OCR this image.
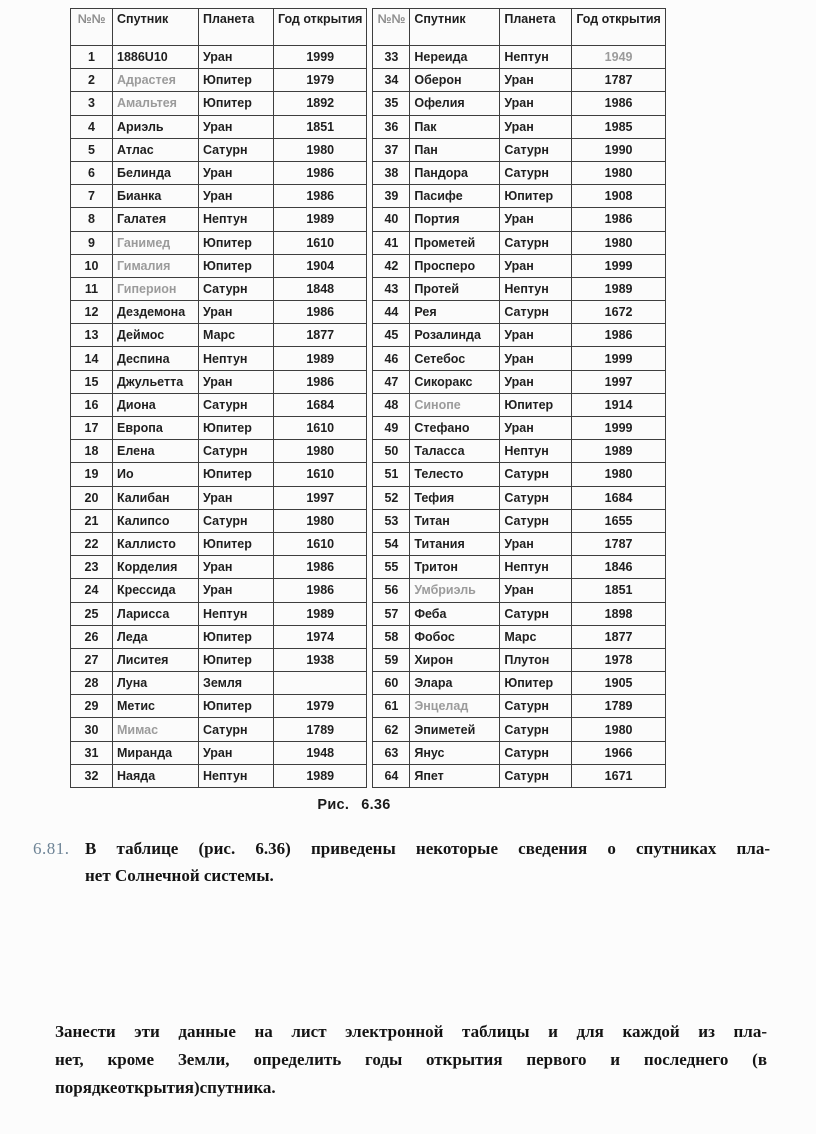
№№	Спутник	Планета	Год открытия
1	1886U10	Уран	1999
2	Адрастея	Юпитер	1979
3	Амальтея	Юпитер	1892
4	Ариэль	Уран	1851
5	Атлас	Сатурн	1980
6	Белинда	Уран	1986
7	Бианка	Уран	1986
8	Галатея	Нептун	1989
9	Ганимед	Юпитер	1610
10	Гималия	Юпитер	1904
11	Гиперион	Сатурн	1848
12	Дездемона	Уран	1986
13	Деймос	Марс	1877
14	Деспина	Нептун	1989
15	Джульетта	Уран	1986
16	Диона	Сатурн	1684
17	Европа	Юпитер	1610
18	Елена	Сатурн	1980
19	Ио	Юпитер	1610
20	Калибан	Уран	1997
21	Калипсо	Сатурн	1980
22	Каллисто	Юпитер	1610
23	Корделия	Уран	1986
24	Крессида	Уран	1986
25	Ларисса	Нептун	1989
26	Леда	Юпитер	1974
27	Лиситея	Юпитер	1938
28	Луна	Земля	
29	Метис	Юпитер	1979
30	Мимас	Сатурн	1789
31	Миранда	Уран	1948
32	Наяда	Нептун	1989
№№	Спутник	Планета	Год открытия
33	Нереида	Нептун	1949
34	Оберон	Уран	1787
35	Офелия	Уран	1986
36	Пак	Уран	1985
37	Пан	Сатурн	1990
38	Пандора	Сатурн	1980
39	Пасифе	Юпитер	1908
40	Портия	Уран	1986
41	Прометей	Сатурн	1980
42	Просперо	Уран	1999
43	Протей	Нептун	1989
44	Рея	Сатурн	1672
45	Розалинда	Уран	1986
46	Сетебос	Уран	1999
47	Сикоракс	Уран	1997
48	Синопе	Юпитер	1914
49	Стефано	Уран	1999
50	Таласса	Нептун	1989
51	Телесто	Сатурн	1980
52	Тефия	Сатурн	1684
53	Титан	Сатурн	1655
54	Титания	Уран	1787
55	Тритон	Нептун	1846
56	Умбриэль	Уран	1851
57	Феба	Сатурн	1898
58	Фобос	Марс	1877
59	Хирон	Плутон	1978
60	Элара	Юпитер	1905
61	Энцелад	Сатурн	1789
62	Эпиметей	Сатурн	1980
63	Янус	Сатурн	1966
64	Япет	Сатурн	1671
Рис. 6.36
6.81. В таблице (рис. 6.36) приведены некоторые сведения о спутниках пла-
нет Солнечной системы.
Занести эти данные на лист электронной таблицы и для каждой из пла-
нет, кроме Земли, определить годы открытия первого и последнего (в
порядкеоткрытия)спутника.
